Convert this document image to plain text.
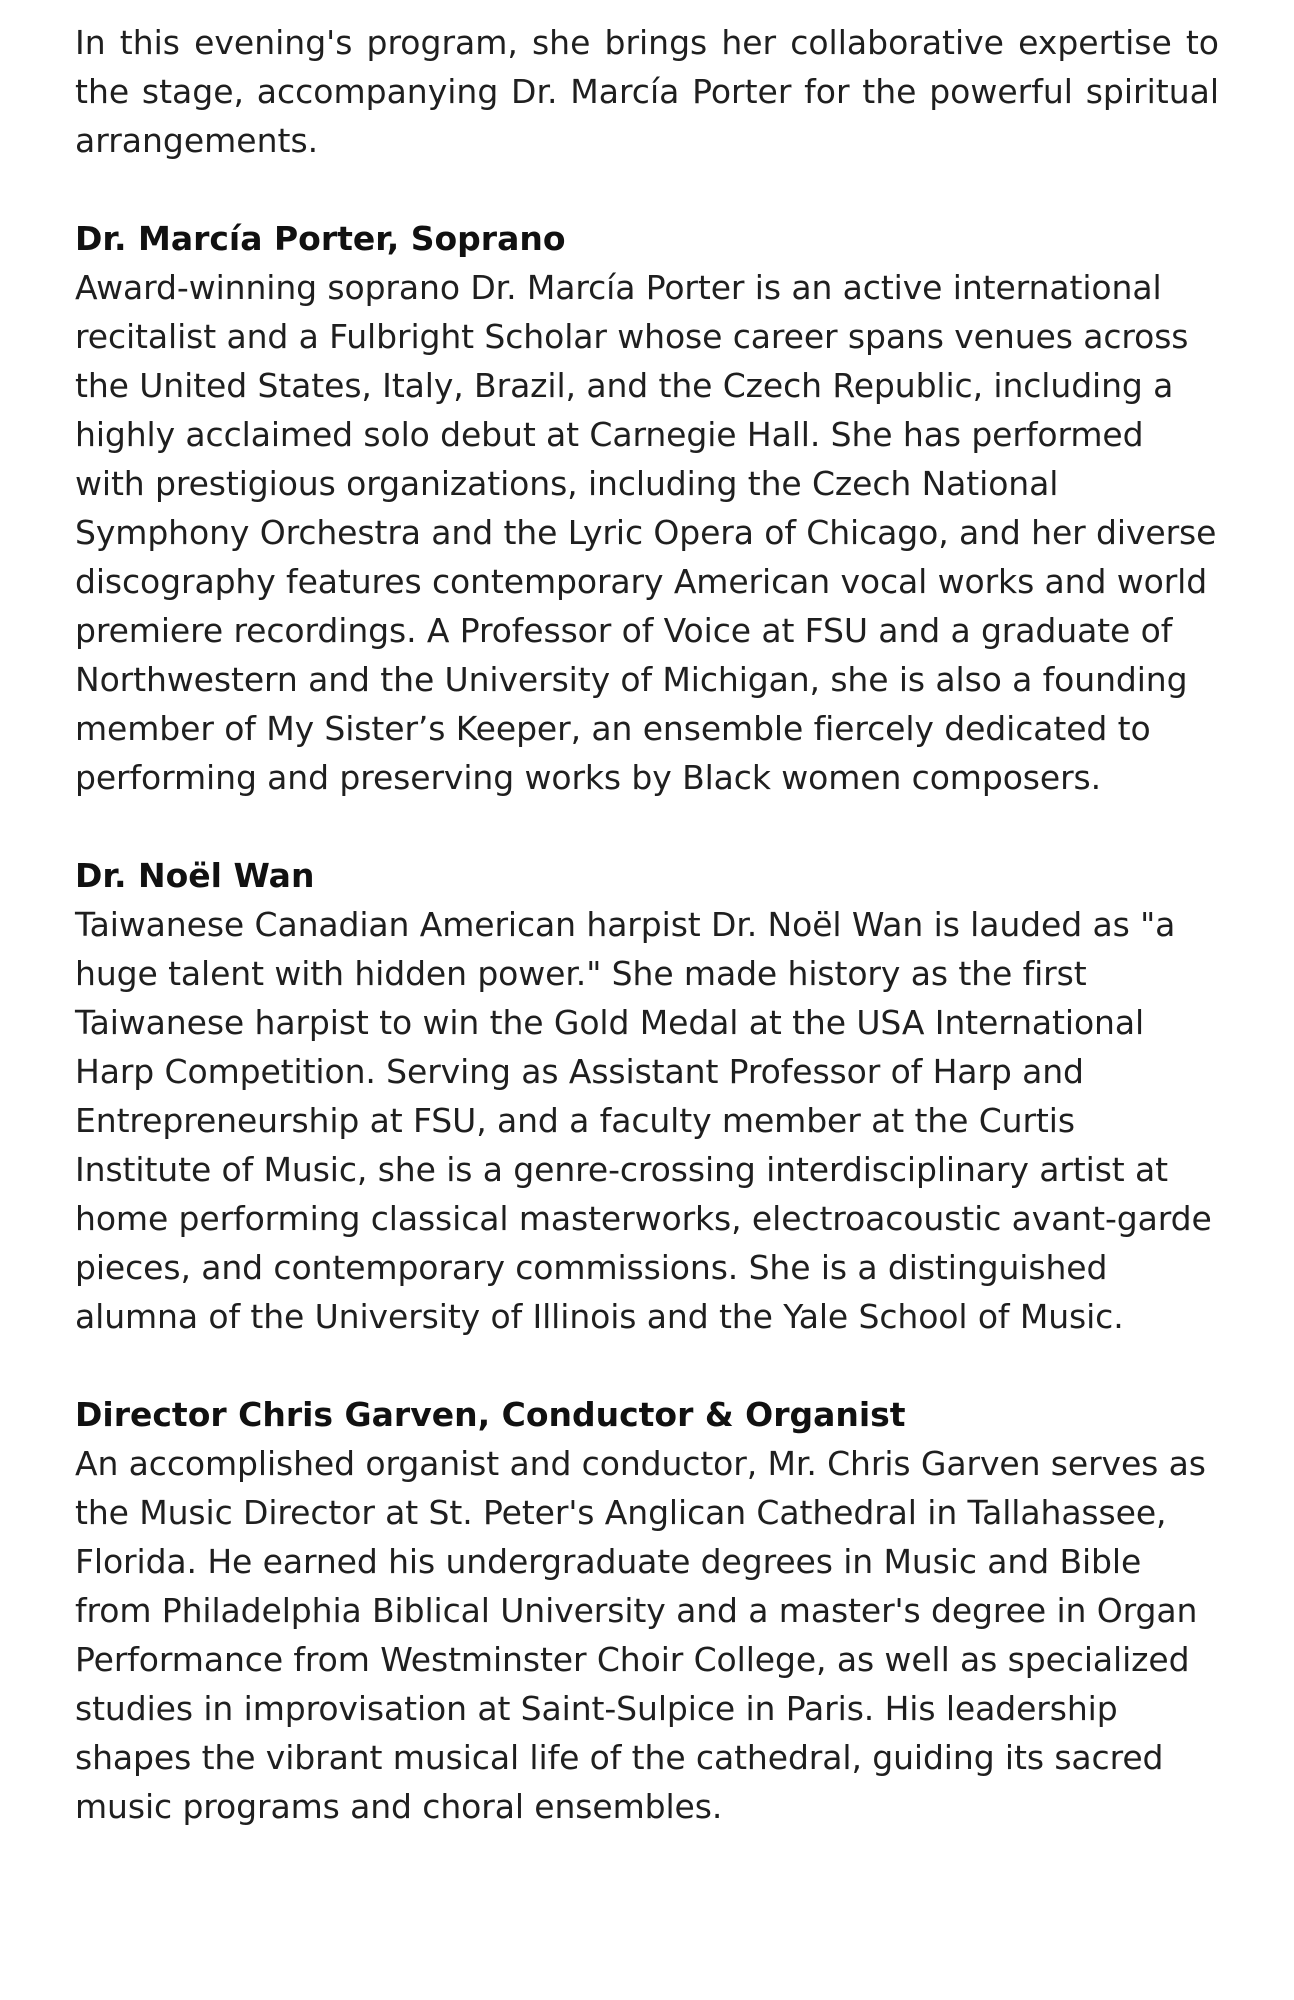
In this evening's program, she brings her collaborative expertise to the stage, accompanying Dr. Marcía Porter for the powerful spiritual arrangements.

Dr. Marcía Porter, Soprano

Award-winning soprano Dr. Marcía Porter is an active international recitalist and a Fulbright Scholar whose career spans venues across the United States, Italy, Brazil, and the Czech Republic, including a highly acclaimed solo debut at Carnegie Hall. She has performed with prestigious organizations, including the Czech National Symphony Orchestra and the Lyric Opera of Chicago, and her diverse discography features contemporary American vocal works and world premiere recordings. A Professor of Voice at FSU and a graduate of Northwestern and the University of Michigan, she is also a founding member of My Sister’s Keeper, an ensemble fiercely dedicated to performing and preserving works by Black women composers.

Dr. Noël Wan

Taiwanese Canadian American harpist Dr. Noël Wan is lauded as "a huge talent with hidden power." She made history as the first Taiwanese harpist to win the Gold Medal at the USA International Harp Competition. Serving as Assistant Professor of Harp and Entrepreneurship at FSU, and a faculty member at the Curtis Institute of Music, she is a genre-crossing interdisciplinary artist at home performing classical masterworks, electroacoustic avant-garde pieces, and contemporary commissions. She is a distinguished alumna of the University of Illinois and the Yale School of Music.

Director Chris Garven, Conductor & Organist

An accomplished organist and conductor, Mr. Chris Garven serves as the Music Director at St. Peter's Anglican Cathedral in Tallahassee, Florida. He earned his undergraduate degrees in Music and Bible from Philadelphia Biblical University and a master's degree in Organ Performance from Westminster Choir College, as well as specialized studies in improvisation at Saint-Sulpice in Paris. His leadership shapes the vibrant musical life of the cathedral, guiding its sacred music programs and choral ensembles.
